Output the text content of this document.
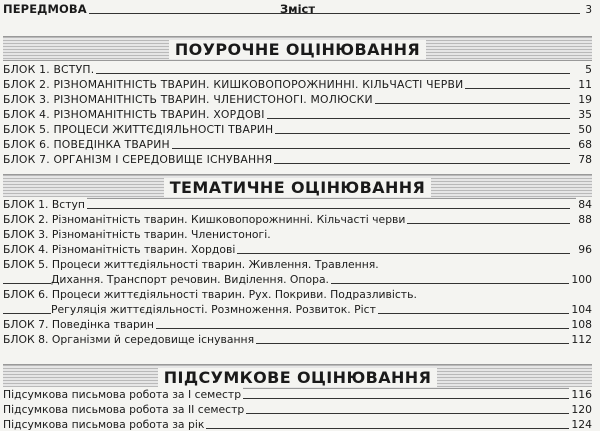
ПЕРЕДМОВА	Зміст	3
ПОУРОЧНЕ ОЦІНЮВАННЯ
БЛОК 1. ВСТУП.	5
БЛОК 2. РІЗНОМАНІТНІСТЬ ТВАРИН. КИШКОВОПОРОЖНИННІ. КІЛЬЧАСТІ ЧЕРВИ	11
БЛОК 3. РІЗНОМАНІТНІСТЬ ТВАРИН. ЧЛЕНИСТОНОГІ. МОЛЮСКИ	19
БЛОК 4. РІЗНОМАНІТНІСТЬ ТВАРИН. ХОРДОВІ	35
БЛОК 5. ПРОЦЕСИ ЖИТТЄДІЯЛЬНОСТІ ТВАРИН	50
БЛОК 6. ПОВЕДІНКА ТВАРИН	68
БЛОК 7. ОРГАНІЗМ І СЕРЕДОВИЩЕ ІСНУВАННЯ	78
ТЕМАТИЧНЕ ОЦІНЮВАННЯ
БЛОК 1. Вступ	84
БЛОК 2. Різноманітність тварин. Кишковопорожнинні. Кільчасті черви	88
БЛОК 3. Різноманітність тварин. Членистоногі.
БЛОК 4. Різноманітність тварин. Хордові	96
БЛОК 5. Процеси життєдіяльності тварин. Живлення. Травлення.
Дихання. Транспорт речовин. Виділення. Опора.	100
БЛОК 6. Процеси життєдіяльності тварин. Рух. Покриви. Подразливість.
Регуляція життєдіяльності. Розмноження. Розвиток. Ріст	104
БЛОК 7. Поведінка тварин	108
БЛОК 8. Організми й середовище існування	112
ПІДСУМКОВЕ ОЦІНЮВАННЯ
Підсумкова письмова робота за І семестр	116
Підсумкова письмова робота за ІІ семестр	120
Підсумкова письмова робота за рік	124
